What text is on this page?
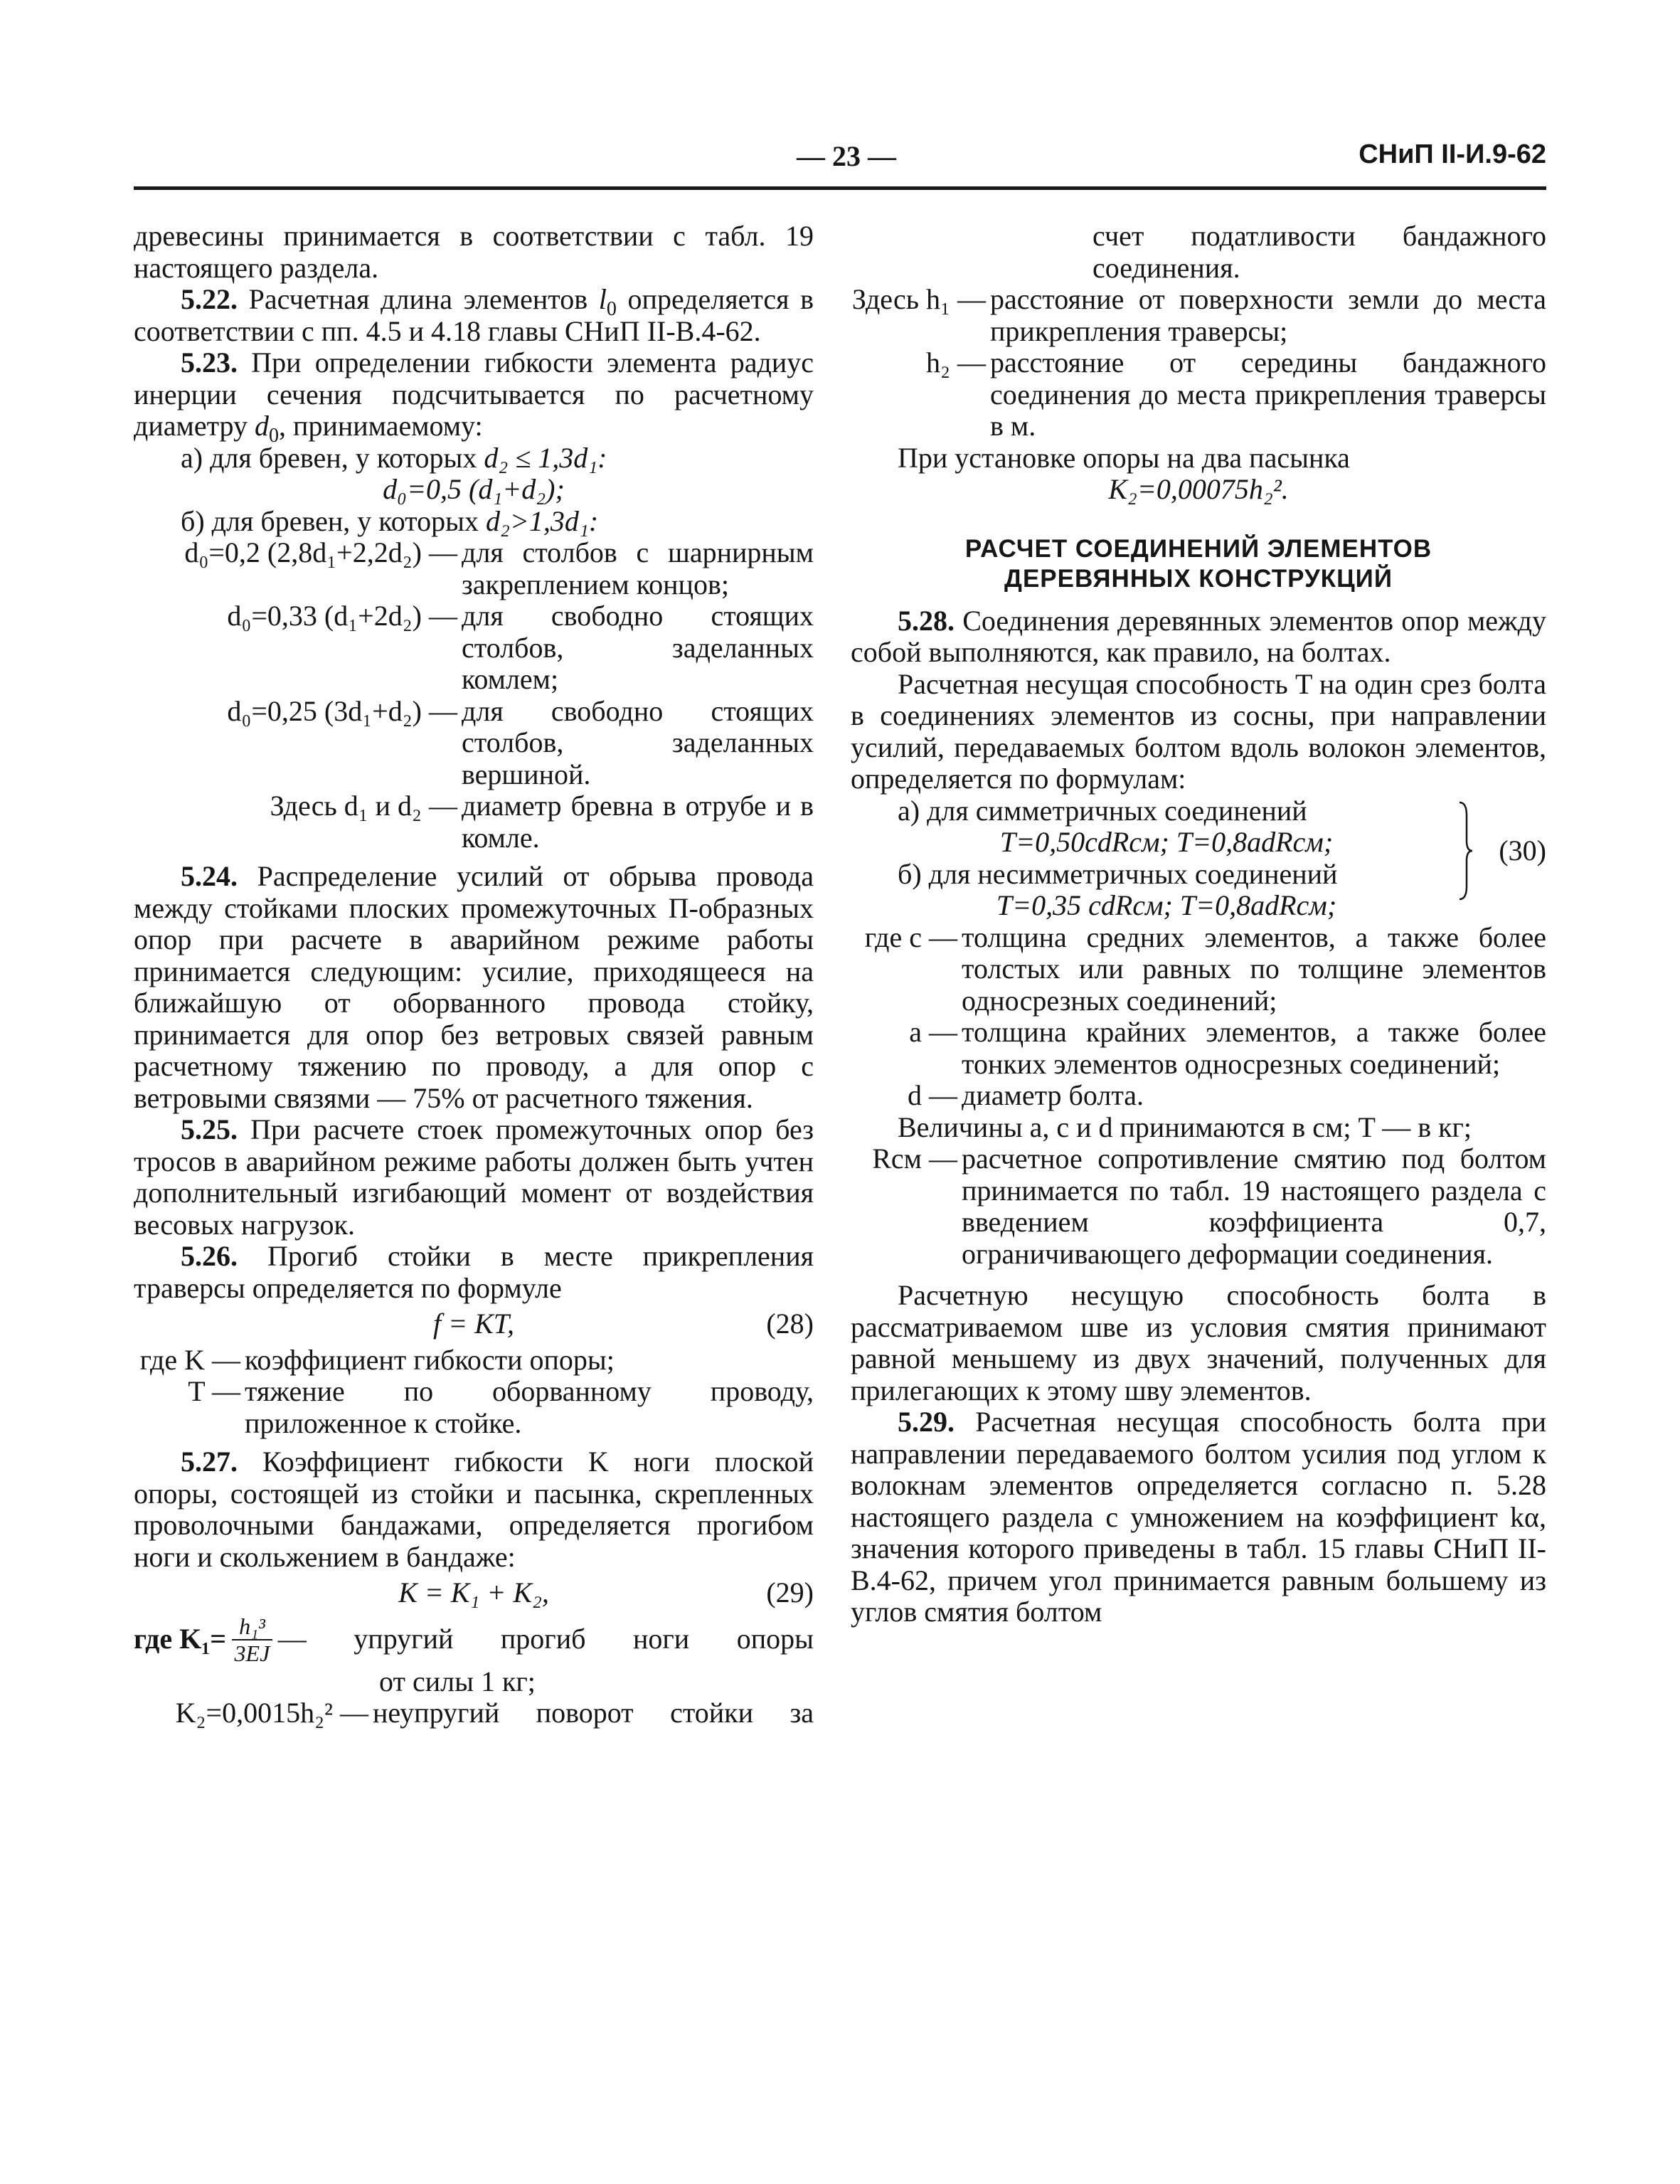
— 23 —	СНиП II-И.9-62

древесины принимается в соответствии с табл. 19 настоящего раздела.

5.22. Расчетная длина элементов $l_0$ определяется в соответствии с пп. 4.5 и 4.18 главы СНиП II-В.4-62.

5.23. При определении гибкости элемента радиус инерции сечения подсчитывается по расчетному диаметру $d_0$, принимаемому:

а) для бревен, у которых d₂ ≤ 1,3d₁:

d₀=0,5 (d₁+d₂);

б) для бревен, у которых d₂>1,3d₁:

d₀=0,2 (2,8d₁+2,2d₂) — для столбов с шарнирным закреплением концов;
d₀=0,33 (d₁+2d₂) — для свободно стоящих столбов, заделанных комлем;
d₀=0,25 (3d₁+d₂) — для свободно стоящих столбов, заделанных вершиной.
Здесь d₁ и d₂ — диаметр бревна в отрубе и в комле.

5.24. Распределение усилий от обрыва провода между стойками плоских промежуточных П-образных опор при расчете в аварийном режиме работы принимается следующим: усилие, приходящееся на ближайшую от оборванного провода стойку, принимается для опор без ветровых связей равным расчетному тяжению по проводу, а для опор с ветровыми связями — 75% от расчетного тяжения.

5.25. При расчете стоек промежуточных опор без тросов в аварийном режиме работы должен быть учтен дополнительный изгибающий момент от воздействия весовых нагрузок.

5.26. Прогиб стойки в месте прикрепления траверсы определяется по формуле

f = KT,	(28)
где K — коэффициент гибкости опоры;
T — тяжение по оборванному проводу, приложенное к стойке.

5.27. Коэффициент гибкости K ноги плоской опоры, состоящей из стойки и пасынка, скрепленных проволочными бандажами, определяется прогибом ноги и скольжением в бандаже:

K = K₁ + K₂,	(29)
где $K_1= \frac{\text{h₁³}}{3EJ}$ — упругий прогиб ноги опоры

от силы 1 кг;

K₂=0,0015h₂² — неупругий поворот стойки за

счет податливости бандажного соединения.

Здесь h₁ — расстояние от поверхности земли до места прикрепления траверсы;
h₂ — расстояние от середины бандажного соединения до места прикрепления траверсы в м.

При установке опоры на два пасынка

K₂=0,00075h₂².

РАСЧЕТ СОЕДИНЕНИЙ ЭЛЕМЕНТОВ
ДЕРЕВЯННЫХ КОНСТРУКЦИЙ

5.28. Соединения деревянных элементов опор между собой выполняются, как правило, на болтах.

Расчетная несущая способность T на один срез болта в соединениях элементов из сосны, при направлении усилий, передаваемых болтом вдоль волокон элементов, определяется по формулам:

а) для симметричных соединений

T=0,50cdRсм; T=0,8adRсм;

б) для несимметричных соединений

T=0,35 cdRсм; T=0,8adRсм;

(30)
где c — толщина средних элементов, а также более толстых или равных по толщине элементов односрезных соединений;
a — толщина крайних элементов, а также более тонких элементов односрезных соединений;
d — диаметр болта.

Величины a, c и d принимаются в см; T — в кг;

Rсм — расчетное сопротивление смятию под болтом принимается по табл. 19 настоящего раздела с введением коэффициента 0,7, ограничивающего деформации соединения.

Расчетную несущую способность болта в рассматриваемом шве из условия смятия принимают равной меньшему из двух значений, полученных для прилегающих к этому шву элементов.

5.29. Расчетная несущая способность болта при направлении передаваемого болтом усилия под углом к волокнам элементов определяется согласно п. 5.28 настоящего раздела с умножением на коэффициент kα, значения которого приведены в табл. 15 главы СНиП II-В.4-62, причем угол принимается равным большему из углов смятия болтом
